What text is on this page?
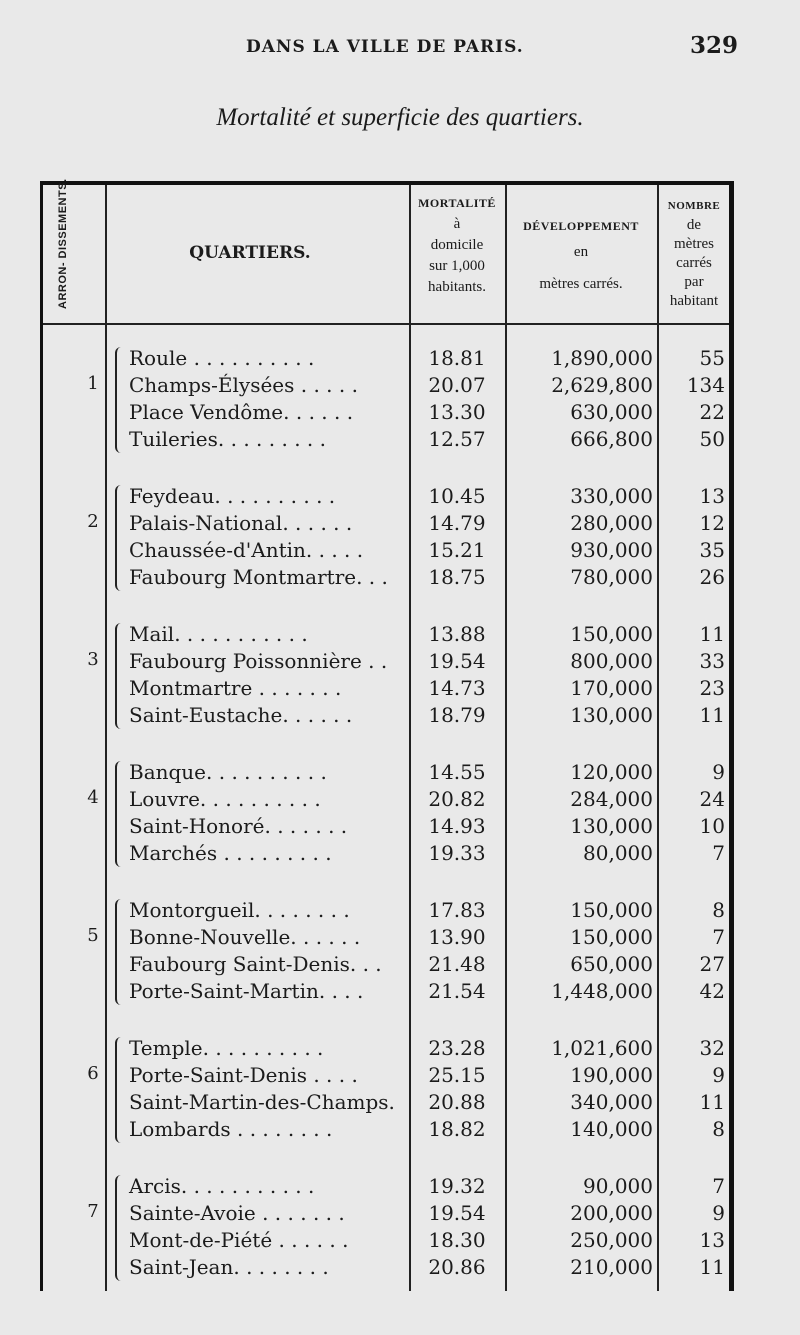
DANS LA VILLE DE PARIS.	329
Mortalité et superficie des quartiers.
ARRON- DISSEMENTS.	QUARTIERS.
MORTALITÉ
à
domicile
sur 1,000
habitants.
DÉVELOPPEMENT
en
mètres carrés.
NOMBRE
de
mètres
carrés
par
habitant
1
Roule . . . . . . . . . .	18.81	1,890,000	55
Champs-Élysées . . . . .	20.07	2,629,800	134
Place Vendôme. . . . . .	13.30	630,000	22
Tuileries. . . . . . . . .	12.57	666,800	50
2
Feydeau. . . . . . . . . .	10.45	330,000	13
Palais-National. . . . . .	14.79	280,000	12
Chaussée-d'Antin. . . . .	15.21	930,000	35
Faubourg Montmartre. . .	18.75	780,000	26
3
Mail. . . . . . . . . . .	13.88	150,000	11
Faubourg Poissonnière . .	19.54	800,000	33
Montmartre . . . . . . .	14.73	170,000	23
Saint-Eustache. . . . . .	18.79	130,000	11
4
Banque. . . . . . . . . .	14.55	120,000	9
Louvre. . . . . . . . . .	20.82	284,000	24
Saint-Honoré. . . . . . .	14.93	130,000	10
Marchés . . . . . . . . .	19.33	80,000	7
5
Montorgueil. . . . . . . .	17.83	150,000	8
Bonne-Nouvelle. . . . . .	13.90	150,000	7
Faubourg Saint-Denis. . .	21.48	650,000	27
Porte-Saint-Martin. . . .	21.54	1,448,000	42
6
Temple. . . . . . . . . .	23.28	1,021,600	32
Porte-Saint-Denis . . . .	25.15	190,000	9
Saint-Martin-des-Champs.	20.88	340,000	11
Lombards . . . . . . . .	18.82	140,000	8
7
Arcis. . . . . . . . . . .	19.32	90,000	7
Sainte-Avoie . . . . . . .	19.54	200,000	9
Mont-de-Piété . . . . . .	18.30	250,000	13
Saint-Jean. . . . . . . .	20.86	210,000	11
